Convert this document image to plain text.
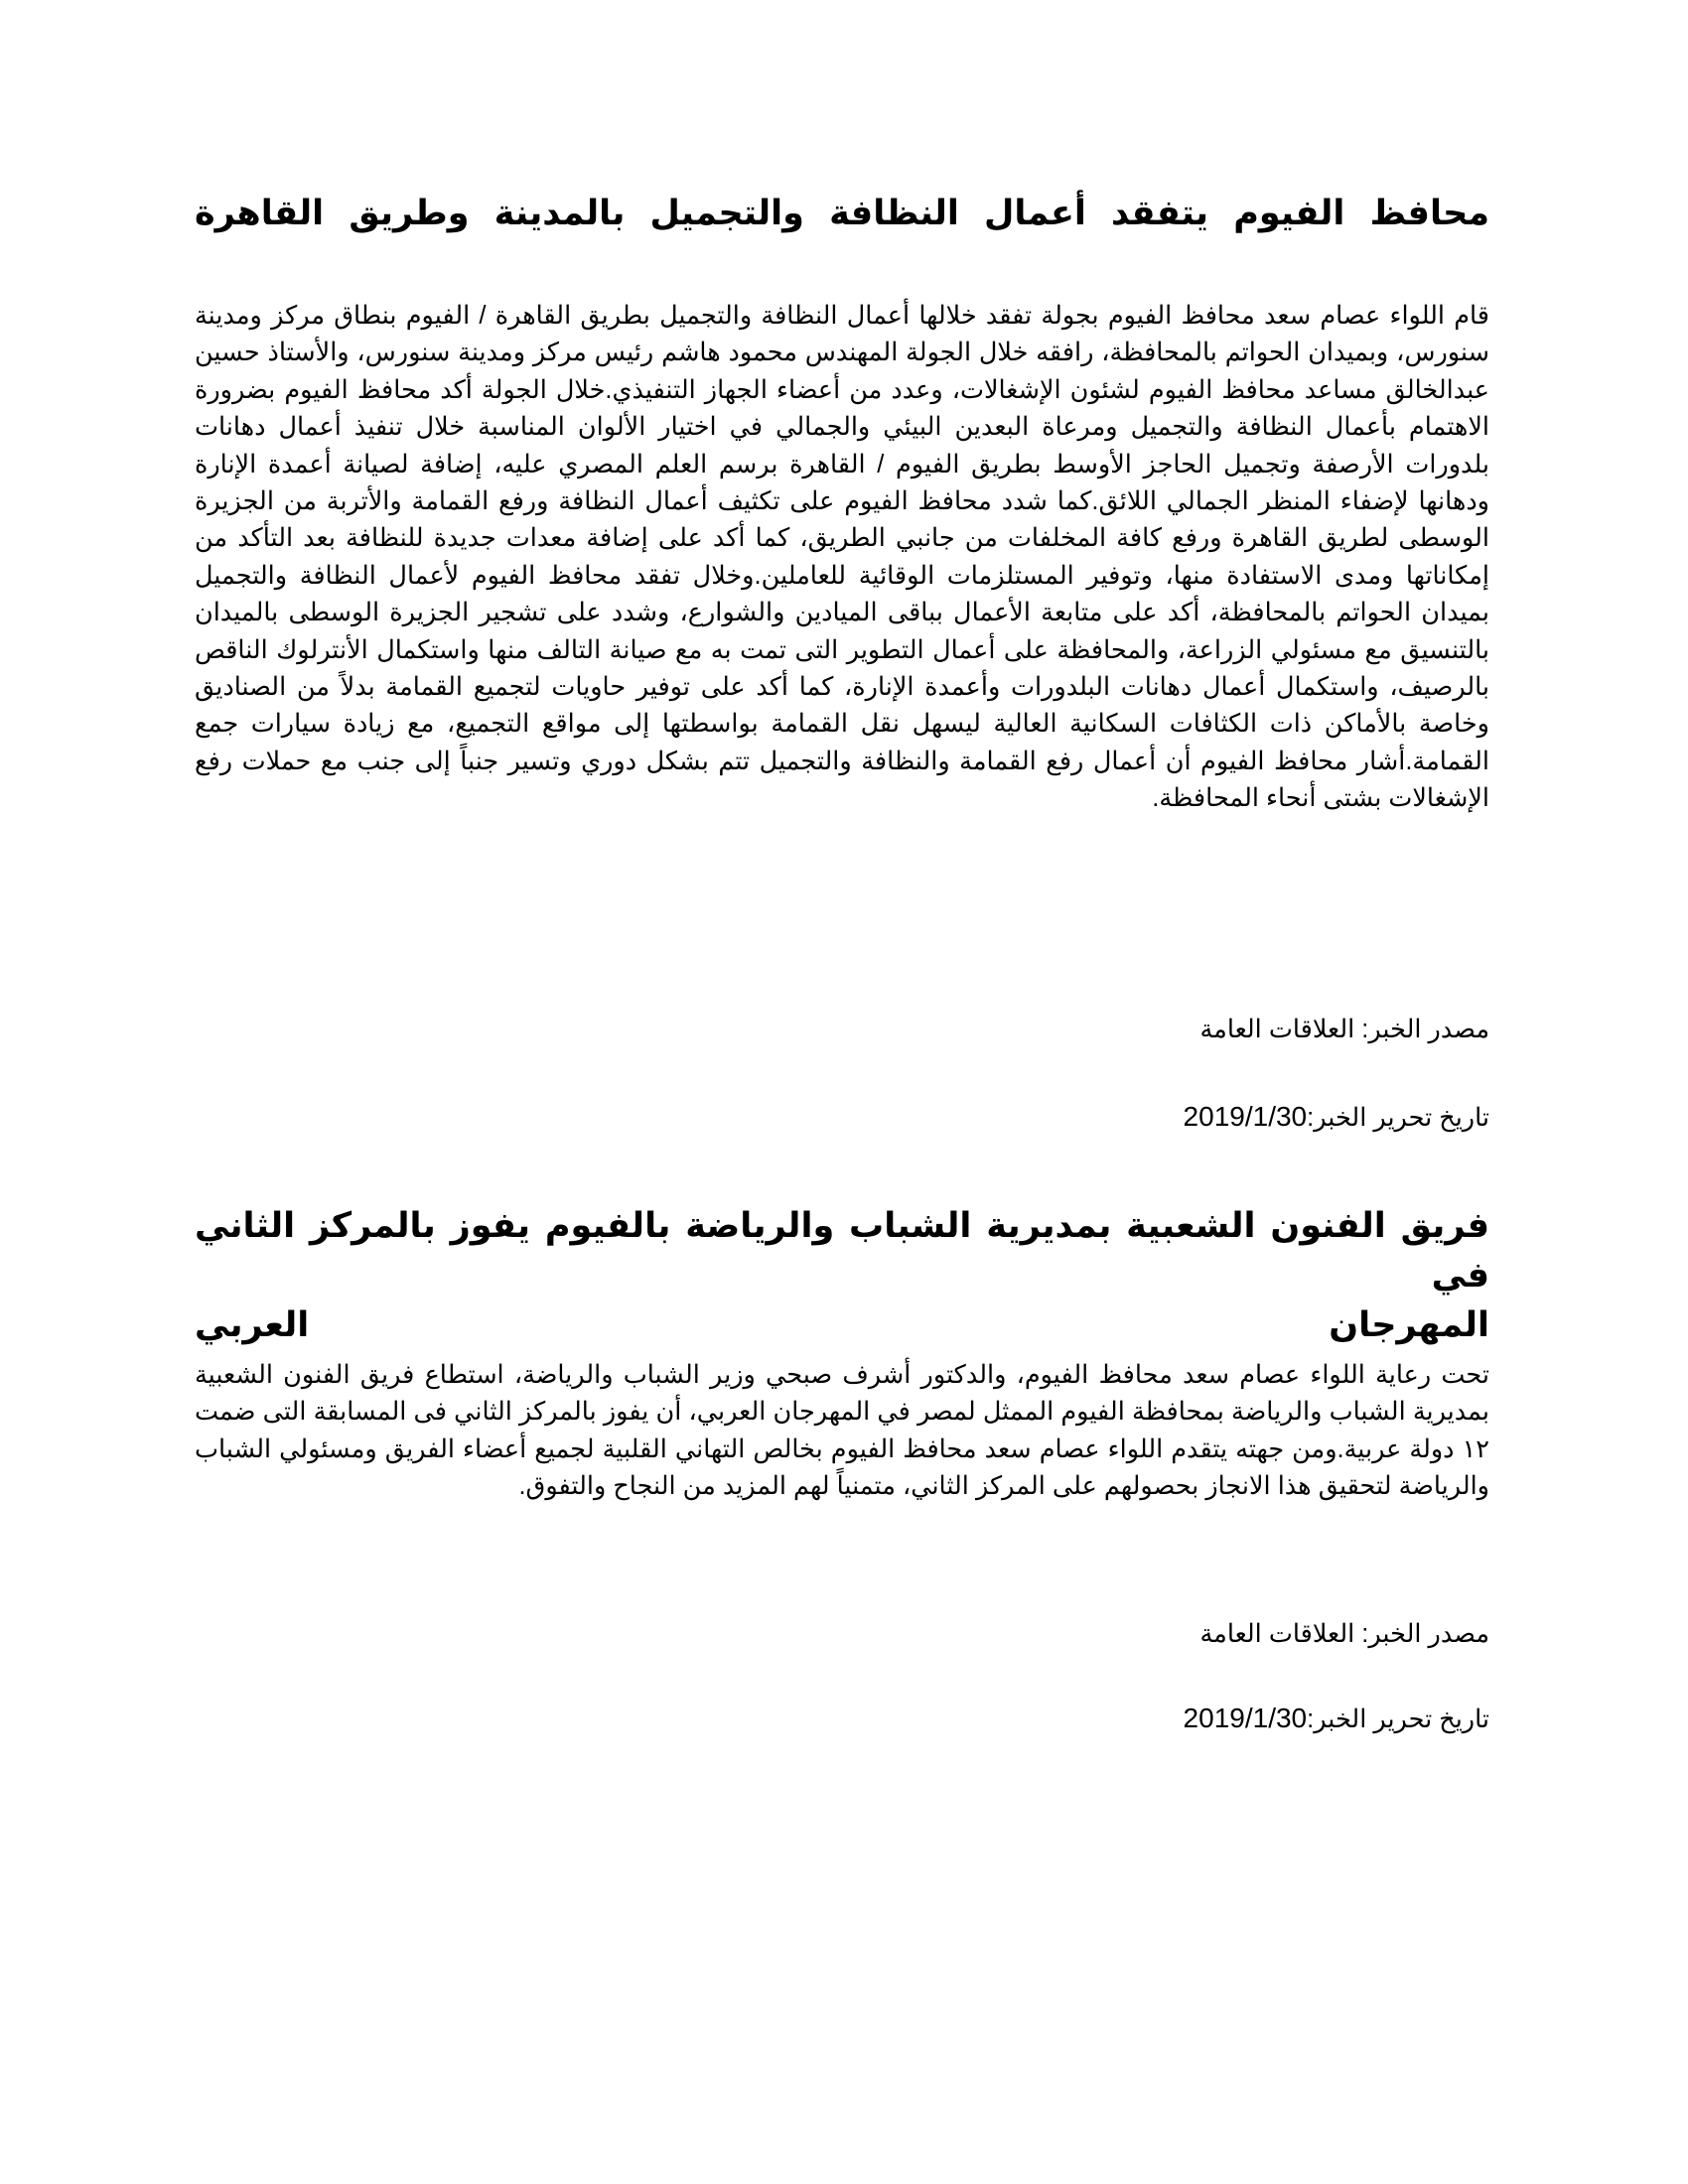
محافظ الفيوم يتفقد أعمال النظافة والتجميل بالمدينة وطريق القاهرة

قام اللواء عصام سعد محافظ الفيوم بجولة تفقد خلالها أعمال النظافة والتجميل بطريق القاهرة / الفيوم بنطاق مركز ومدينة سنورس، وبميدان الحواتم بالمحافظة، رافقه خلال الجولة المهندس محمود هاشم رئيس مركز ومدينة سنورس، والأستاذ حسين عبدالخالق مساعد محافظ الفيوم لشئون الإشغالات، وعدد من أعضاء الجهاز التنفيذي.خلال الجولة أكد محافظ الفيوم بضرورة الاهتمام بأعمال النظافة والتجميل ومرعاة البعدين البيئي والجمالي في اختيار الألوان المناسبة خلال تنفيذ أعمال دهانات بلدورات الأرصفة وتجميل الحاجز الأوسط بطريق الفيوم / القاهرة برسم العلم المصري عليه، إضافة لصيانة أعمدة الإنارة ودهانها لإضفاء المنظر الجمالي اللائق.كما شدد محافظ الفيوم على تكثيف أعمال النظافة ورفع القمامة والأتربة من الجزيرة الوسطى لطريق القاهرة ورفع كافة المخلفات من جانبي الطريق، كما أكد على إضافة معدات جديدة للنظافة بعد التأكد من إمكاناتها ومدى الاستفادة منها، وتوفير المستلزمات الوقائية للعاملين.وخلال تفقد محافظ الفيوم لأعمال النظافة والتجميل بميدان الحواتم بالمحافظة، أكد على متابعة الأعمال بباقى الميادين والشوارع، وشدد على تشجير الجزيرة الوسطى بالميدان بالتنسيق مع مسئولي الزراعة، والمحافظة على أعمال التطوير التى تمت به مع صيانة التالف منها واستكمال الأنترلوك الناقص بالرصيف، واستكمال أعمال دهانات البلدورات وأعمدة الإنارة، كما أكد على توفير حاويات لتجميع القمامة بدلاً من الصناديق وخاصة بالأماكن ذات الكثافات السكانية العالية ليسهل نقل القمامة بواسطتها إلى مواقع التجميع، مع زيادة سيارات جمع القمامة.أشار محافظ الفيوم أن أعمال رفع القمامة والنظافة والتجميل تتم بشكل دوري وتسير جنباً إلى جنب مع حملات رفع الإشغالات بشتى أنحاء المحافظة.

مصدر الخبر: العلاقات العامة
تاريخ تحرير الخبر:2019/1/30
فريق الفنون الشعبية بمديرية الشباب والرياضة بالفيوم يفوز بالمركز الثاني في
المهرجان العربي

تحت رعاية اللواء عصام سعد محافظ الفيوم، والدكتور أشرف صبحي وزير الشباب والرياضة، استطاع فريق الفنون الشعبية بمديرية الشباب والرياضة بمحافظة الفيوم الممثل لمصر في المهرجان العربي، أن يفوز بالمركز الثاني فى المسابقة التى ضمت ١٢ دولة عربية.ومن جهته يتقدم اللواء عصام سعد محافظ الفيوم بخالص التهاني القلبية لجميع أعضاء الفريق ومسئولي الشباب والرياضة لتحقيق هذا الانجاز بحصولهم على المركز الثاني، متمنياً لهم المزيد من النجاح والتفوق.

مصدر الخبر: العلاقات العامة
تاريخ تحرير الخبر:2019/1/30
